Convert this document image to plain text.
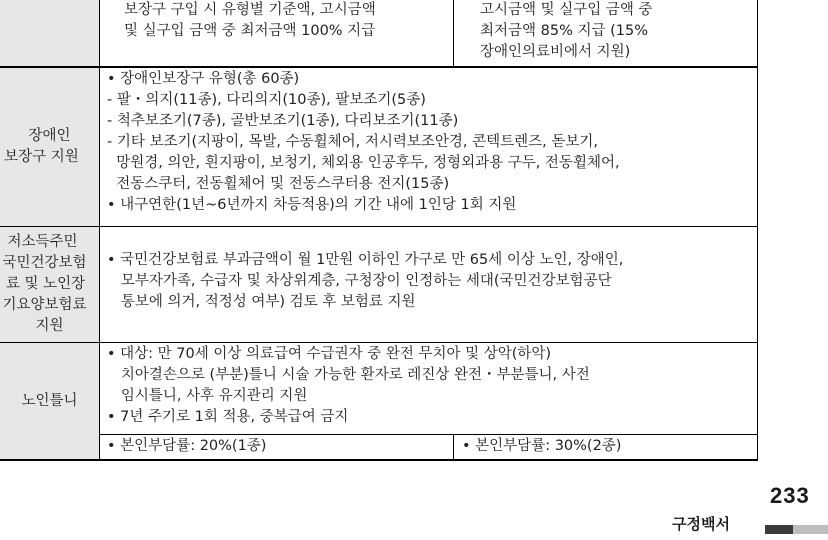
장애인
보장구 지원
저소득주민
국민건강보험
료 및 노인장
기요양보험료
지원
노인틀니
보장구 구입 시 유형별 기준액, 고시금액
및 실구입 금액 중 최저금액 100% 지급
고시금액 및 실구입 금액 중
최저금액 85% 지급 (15%
장애인의료비에서 지원)
• 장애인보장구 유형(총 60종)
- 팔・의지(11종), 다리의지(10종), 팔보조기(5종)
- 척추보조기(7종), 골반보조기(1종), 다리보조기(11종)
- 기타 보조기(지팡이, 목발, 수동휠체어, 저시력보조안경, 콘텍트렌즈, 돋보기,
망원경, 의안, 흰지팡이, 보청기, 체외용 인공후두, 정형외과용 구두, 전동휠체어,
전동스쿠터, 전동휠체어 및 전동스쿠터용 전지(15종)
• 내구연한(1년~6년까지 차등적용)의 기간 내에 1인당 1회 지원
• 국민건강보험료 부과금액이 월 1만원 이하인 가구로 만 65세 이상 노인, 장애인,
모부자가족, 수급자 및 차상위계층, 구청장이 인정하는 세대(국민건강보험공단
통보에 의거, 적정성 여부) 검토 후 보험료 지원
• 대상: 만 70세 이상 의료급여 수급권자 중 완전 무치아 및 상악(하악)
치아결손으로 (부분)틀니 시술 가능한 환자로 레진상 완전・부분틀니, 사전
임시틀니, 사후 유지관리 지원
• 7년 주기로 1회 적용, 중복급여 금지
• 본인부담률: 20%(1종)	• 본인부담률: 30%(2종)
233
구정백서
